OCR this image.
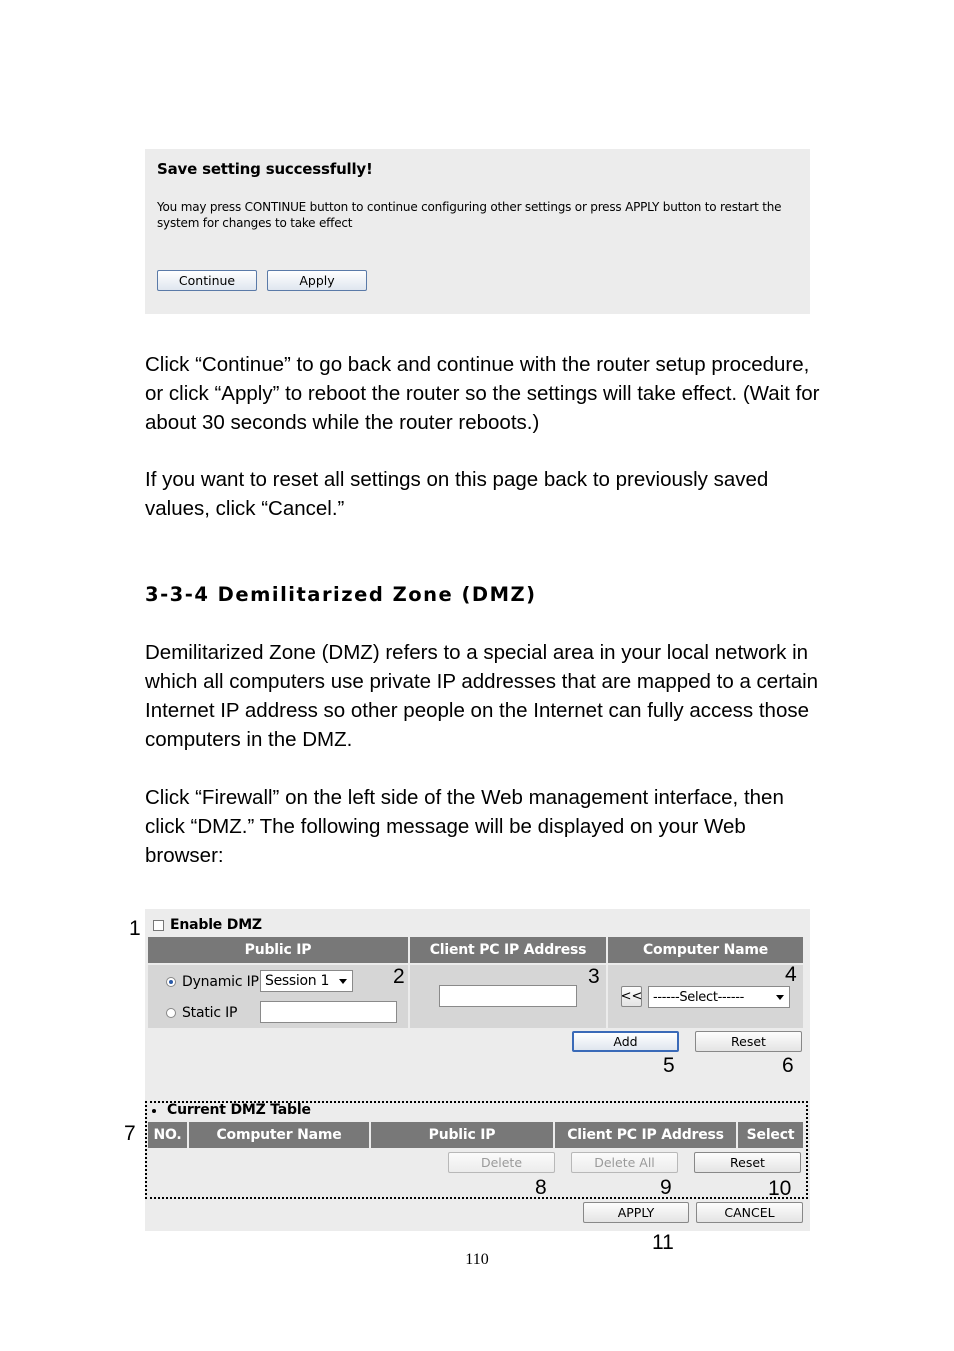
Save setting successfully!
You may press CONTINUE button to continue configuring other settings or press APPLY button to restart the system for changes to take effect
Continue	Apply
Click “Continue” to go back and continue with the router setup procedure, or click “Apply” to reboot the router so the settings will take effect. (Wait for about 30 seconds while the router reboots.)
If you want to reset all settings on this page back to previously saved values, click “Cancel.”
3-3-4 Demilitarized Zone (DMZ)
Demilitarized Zone (DMZ) refers to a special area in your local network in which all computers use private IP addresses that are mapped to a certain Internet IP address so other people on the Internet can fully access those computers in the DMZ.
Click “Firewall” on the left side of the Web management interface, then click “DMZ.” The following message will be displayed on your Web browser:
Enable DMZ
Public IP	Client PC IP Address	Computer Name
Dynamic IP Session 1
Static IP
<< ------Select------
Add	Reset
Current DMZ Table
NO.	Computer Name	Public IP	Client PC IP Address	Select
Delete	Delete All	Reset
APPLY	CANCEL
1
2	3	4
5	6
7
8	9	10
11
110
